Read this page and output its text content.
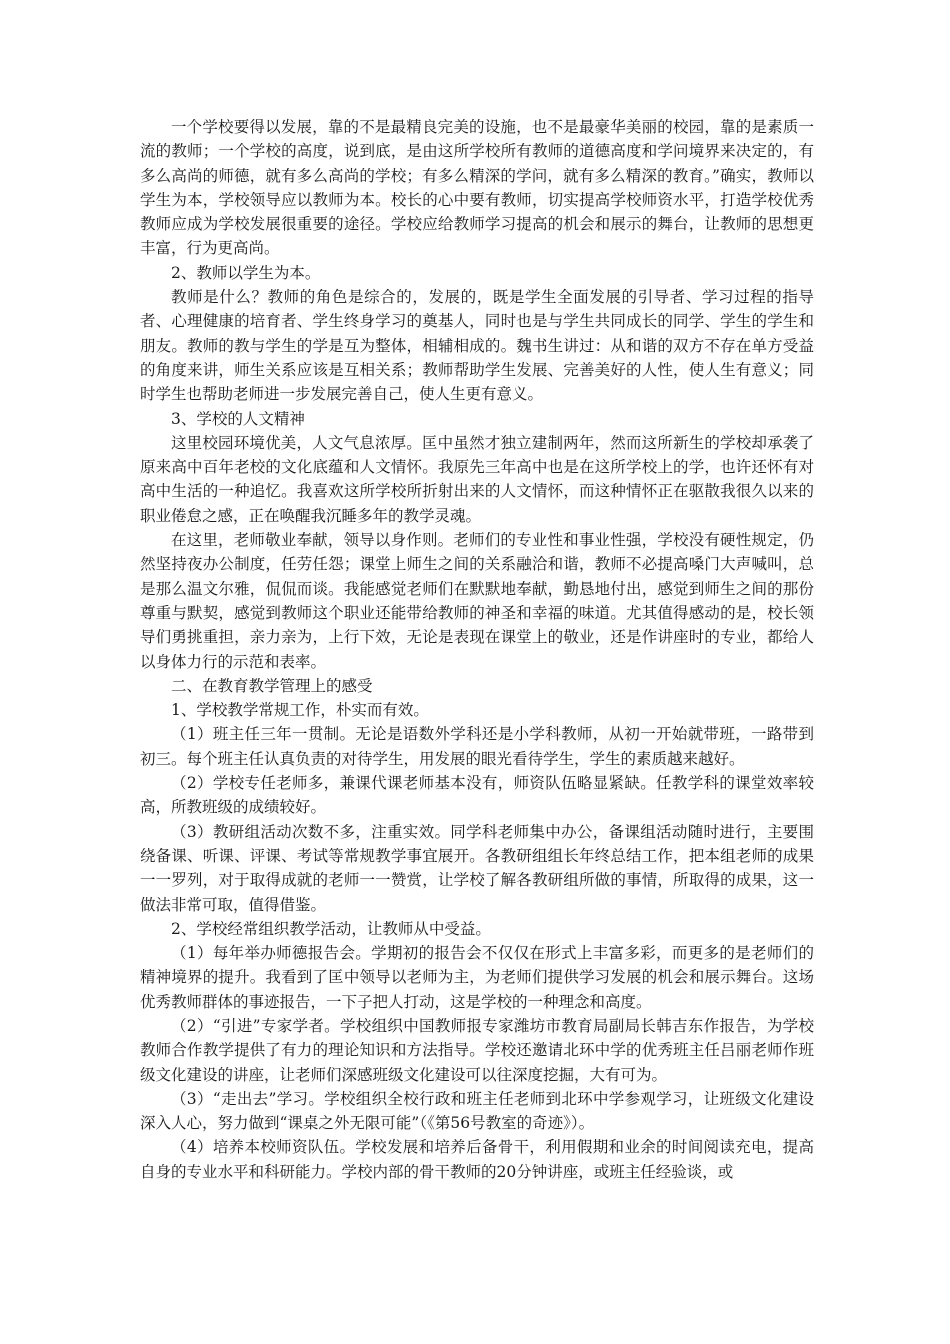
一个学校要得以发展，靠的不是最精良完美的设施，也不是最豪华美丽的校园，靠的是素质一流的教师；一个学校的高度，说到底，是由这所学校所有教师的道德高度和学问境界来决定的，有多么高尚的师德，就有多么高尚的学校；有多么精深的学问，就有多么精深的教育。”确实，教师以学生为本，学校领导应以教师为本。校长的心中要有教师，切实提高学校师资水平，打造学校优秀教师应成为学校发展很重要的途径。学校应给教师学习提高的机会和展示的舞台，让教师的思想更丰富，行为更高尚。

2、教师以学生为本。

教师是什么？教师的角色是综合的，发展的，既是学生全面发展的引导者、学习过程的指导者、心理健康的培育者、学生终身学习的奠基人，同时也是与学生共同成长的同学、学生的学生和朋友。教师的教与学生的学是互为整体，相辅相成的。魏书生讲过：从和谐的双方不存在单方受益的角度来讲，师生关系应该是互相关系；教师帮助学生发展、完善美好的人性，使人生有意义；同时学生也帮助老师进一步发展完善自己，使人生更有意义。

3、学校的人文精神

这里校园环境优美，人文气息浓厚。匡中虽然才独立建制两年，然而这所新生的学校却承袭了原来高中百年老校的文化底蕴和人文情怀。我原先三年高中也是在这所学校上的学，也许还怀有对高中生活的一种追忆。我喜欢这所学校所折射出来的人文情怀，而这种情怀正在驱散我很久以来的职业倦怠之感，正在唤醒我沉睡多年的教学灵魂。

在这里，老师敬业奉献，领导以身作则。老师们的专业性和事业性强，学校没有硬性规定，仍然坚持夜办公制度，任劳任怨；课堂上师生之间的关系融洽和谐，教师不必提高嗓门大声喊叫，总是那么温文尔雅，侃侃而谈。我能感觉老师们在默默地奉献，勤恳地付出，感觉到师生之间的那份尊重与默契，感觉到教师这个职业还能带给教师的神圣和幸福的味道。尤其值得感动的是，校长领导们勇挑重担，亲力亲为，上行下效，无论是表现在课堂上的敬业，还是作讲座时的专业，都给人以身体力行的示范和表率。

二、在教育教学管理上的感受

1、学校教学常规工作，朴实而有效。

（1）班主任三年一贯制。无论是语数外学科还是小学科教师，从初一开始就带班，一路带到初三。每个班主任认真负责的对待学生，用发展的眼光看待学生，学生的素质越来越好。

（2）学校专任老师多，兼课代课老师基本没有，师资队伍略显紧缺。任教学科的课堂效率较高，所教班级的成绩较好。

（3）教研组活动次数不多，注重实效。同学科老师集中办公，备课组活动随时进行，主要围绕备课、听课、评课、考试等常规教学事宜展开。各教研组组长年终总结工作，把本组老师的成果一一罗列，对于取得成就的老师一一赞赏，让学校了解各教研组所做的事情，所取得的成果，这一做法非常可取，值得借鉴。

2、学校经常组织教学活动，让教师从中受益。

（1）每年举办师德报告会。学期初的报告会不仅仅在形式上丰富多彩，而更多的是老师们的精神境界的提升。我看到了匡中领导以老师为主，为老师们提供学习发展的机会和展示舞台。这场优秀教师群体的事迹报告，一下子把人打动，这是学校的一种理念和高度。

（2）“引进”专家学者。学校组织中国教师报专家潍坊市教育局副局长韩吉东作报告，为学校教师合作教学提供了有力的理论知识和方法指导。学校还邀请北环中学的优秀班主任吕丽老师作班级文化建设的讲座，让老师们深感班级文化建设可以往深度挖掘，大有可为。

（3）“走出去”学习。学校组织全校行政和班主任老师到北环中学参观学习，让班级文化建设深入人心，努力做到“课桌之外无限可能”（《第56号教室的奇迹》）。

（4）培养本校师资队伍。学校发展和培养后备骨干，利用假期和业余的时间阅读充电，提高自身的专业水平和科研能力。学校内部的骨干教师的20分钟讲座，或班主任经验谈，或
